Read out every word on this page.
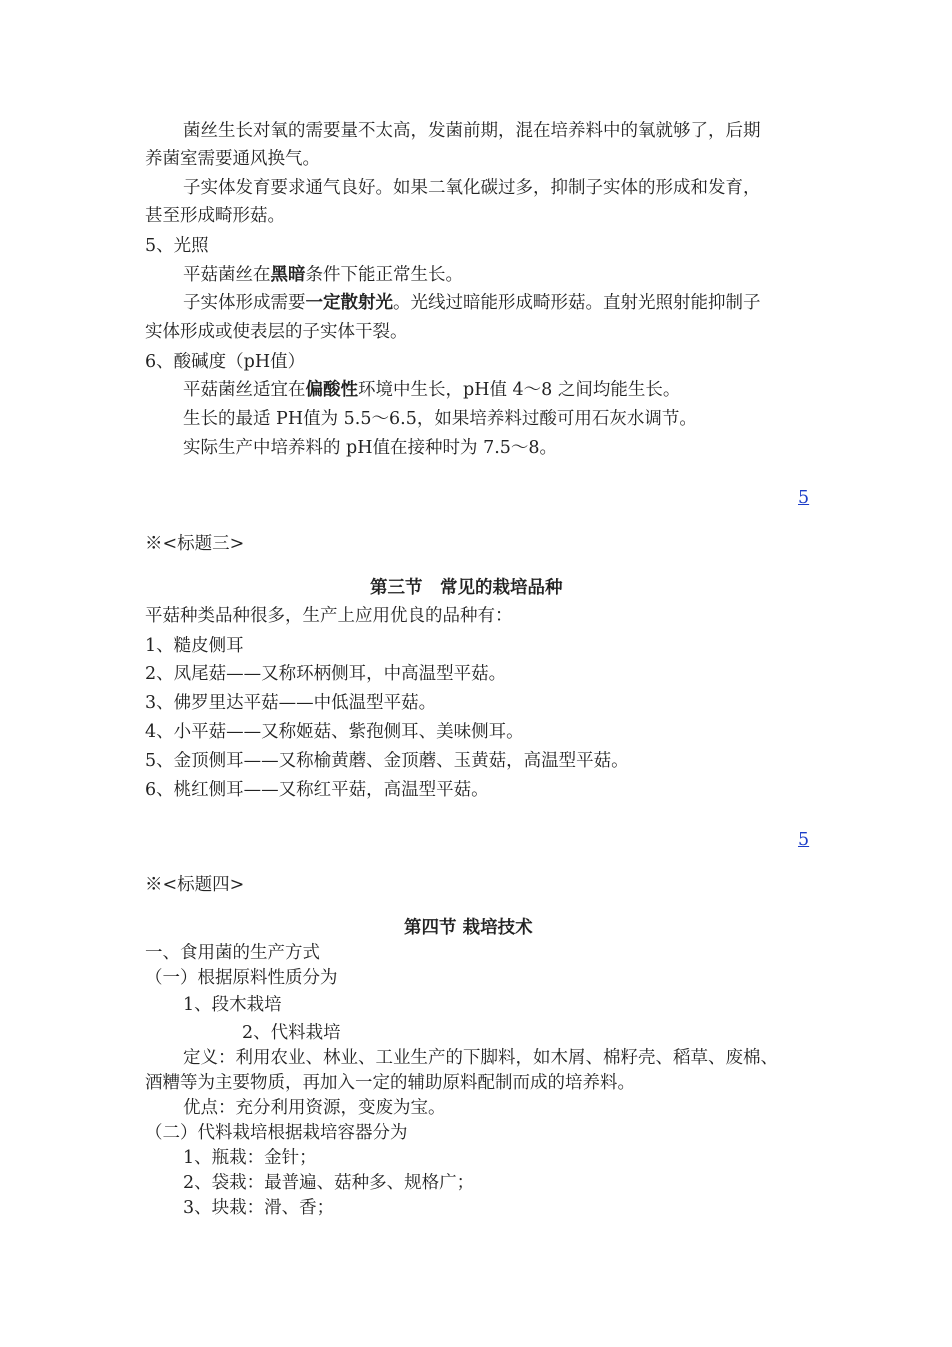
菌丝生长对氧的需要量不太高，发菌前期，混在培养料中的氧就够了，后期
养菌室需要通风换气。
子实体发育要求通气良好。如果二氧化碳过多，抑制子实体的形成和发育，
甚至形成畸形菇。
5、光照
平菇菌丝在黑暗条件下能正常生长。
子实体形成需要一定散射光。光线过暗能形成畸形菇。直射光照射能抑制子
实体形成或使表层的子实体干裂。
6、酸碱度（pH值）
平菇菌丝适宜在偏酸性环境中生长，pH值 4～8 之间均能生长。
生长的最适 PH值为 5.5～6.5，如果培养料过酸可用石灰水调节。
实际生产中培养料的 pH值在接种时为 7.5～8。
5
※<标题三>
第三节　常见的栽培品种
平菇种类品种很多，生产上应用优良的品种有：
1、糙皮侧耳
2、凤尾菇——又称环柄侧耳，中高温型平菇。
3、佛罗里达平菇——中低温型平菇。
4、小平菇——又称姬菇、紫孢侧耳、美味侧耳。
5、金顶侧耳——又称榆黄蘑、金顶蘑、玉黄菇，高温型平菇。
6、桃红侧耳——又称红平菇，高温型平菇。
5
※<标题四>
第四节 栽培技术
一、食用菌的生产方式
（一）根据原料性质分为
1、段木栽培
2、代料栽培
定义：利用农业、林业、工业生产的下脚料，如木屑、棉籽壳、稻草、废棉、
酒糟等为主要物质，再加入一定的辅助原料配制而成的培养料。
优点：充分利用资源，变废为宝。
（二）代料栽培根据栽培容器分为
1、瓶栽：金针；
2、袋栽：最普遍、菇种多、规格广；
3、块栽：滑、香；
